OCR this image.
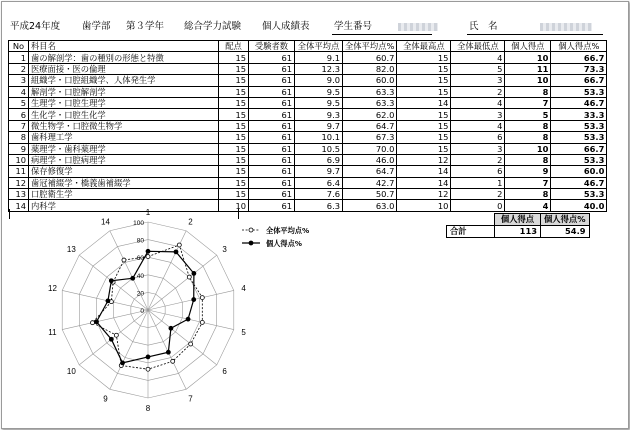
平成24年度 歯学部 第３学年 総合学力試験 個人成績表	学生番号	氏　名
No	科目名	配点	受験者数	全体平均点	全体平均点%	全体最高点	全体最低点	個人得点	個人得点%
1	歯の解剖学：歯の種別の形態と特徴	15	61	9.1	60.7	15	4	10	66.7
2	医療面接・医の倫理	15	61	12.3	82.0	15	5	11	73.3
3	組織学・口腔組織学、人体発生学	15	61	9.0	60.0	15	3	10	66.7
4	解剖学・口腔解剖学	15	61	9.5	63.3	15	2	8	53.3
5	生理学・口腔生理学	15	61	9.5	63.3	14	4	7	46.7
6	生化学・口腔生化学	15	61	9.3	62.0	15	3	5	33.3
7	微生物学・口腔微生物学	15	61	9.7	64.7	15	4	8	53.3
8	歯科理工学	15	61	10.1	67.3	15	6	8	53.3
9	薬理学・歯科薬理学	15	61	10.5	70.0	15	3	10	66.7
10	病理学・口腔病理学	15	61	6.9	46.0	12	2	8	53.3
11	保存修復学	15	61	9.7	64.7	14	6	9	60.0
12	歯冠補綴学・橋義歯補綴学	15	61	6.4	42.7	14	1	7	46.7
13	口腔衛生学	15	61	7.6	50.7	12	2	8	53.3
14	内科学	10	61	6.3	63.0	10	0	4	40.0
	個人得点	個人得点%
合計	113	54.9
1
2
3
4
5
6
7
8
9
10
11
12
13
14
0
20
40
60
80
100
全体平均点%
個人得点%
